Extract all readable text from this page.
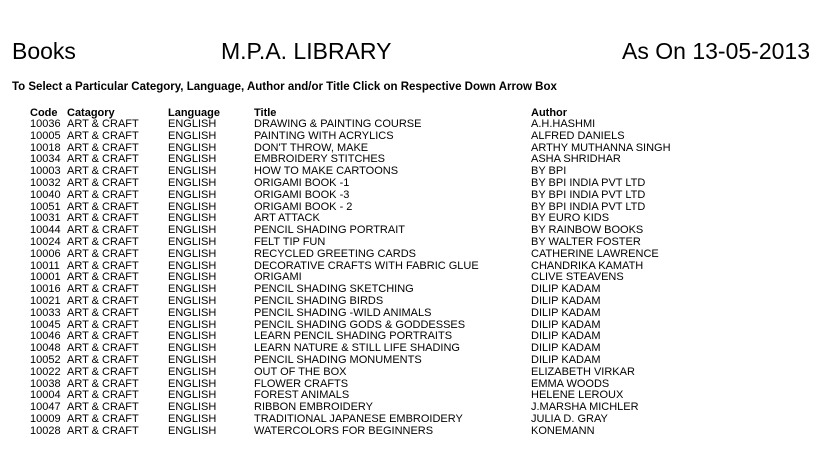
Books	M.P.A. LIBRARY	As On 13-05-2013
To Select a Particular Category, Language, Author and/or Title Click on Respective Down Arrow Box
Code	Catagory	Language	Title	Author
10036	ART & CRAFT	ENGLISH	DRAWING & PAINTING COURSE	A.H.HASHMI
10005	ART & CRAFT	ENGLISH	PAINTING WITH ACRYLICS	ALFRED DANIELS
10018	ART & CRAFT	ENGLISH	DON'T THROW, MAKE	ARTHY MUTHANNA SINGH
10034	ART & CRAFT	ENGLISH	EMBROIDERY STITCHES	ASHA SHRIDHAR
10003	ART & CRAFT	ENGLISH	HOW TO MAKE CARTOONS	BY BPI
10032	ART & CRAFT	ENGLISH	ORIGAMI BOOK -1	BY BPI INDIA PVT LTD
10040	ART & CRAFT	ENGLISH	ORIGAMI BOOK -3	BY BPI INDIA PVT LTD
10051	ART & CRAFT	ENGLISH	ORIGAMI BOOK - 2	BY BPI INDIA PVT LTD
10031	ART & CRAFT	ENGLISH	ART ATTACK	BY EURO KIDS
10044	ART & CRAFT	ENGLISH	PENCIL SHADING PORTRAIT	BY RAINBOW BOOKS
10024	ART & CRAFT	ENGLISH	FELT TIP FUN	BY WALTER FOSTER
10006	ART & CRAFT	ENGLISH	RECYCLED GREETING CARDS	CATHERINE LAWRENCE
10011	ART & CRAFT	ENGLISH	DECORATIVE CRAFTS WITH FABRIC GLUE	CHANDRIKA KAMATH
10001	ART & CRAFT	ENGLISH	ORIGAMI	CLIVE STEAVENS
10016	ART & CRAFT	ENGLISH	PENCIL SHADING SKETCHING	DILIP KADAM
10021	ART & CRAFT	ENGLISH	PENCIL SHADING BIRDS	DILIP KADAM
10033	ART & CRAFT	ENGLISH	PENCIL SHADING -WILD ANIMALS	DILIP KADAM
10045	ART & CRAFT	ENGLISH	PENCIL SHADING GODS & GODDESSES	DILIP KADAM
10046	ART & CRAFT	ENGLISH	LEARN PENCIL SHADING PORTRAITS	DILIP KADAM
10048	ART & CRAFT	ENGLISH	LEARN NATURE & STILL LIFE SHADING	DILIP KADAM
10052	ART & CRAFT	ENGLISH	PENCIL SHADING MONUMENTS	DILIP KADAM
10022	ART & CRAFT	ENGLISH	OUT OF THE BOX	ELIZABETH VIRKAR
10038	ART & CRAFT	ENGLISH	FLOWER CRAFTS	EMMA WOODS
10004	ART & CRAFT	ENGLISH	FOREST ANIMALS	HELENE LEROUX
10047	ART & CRAFT	ENGLISH	RIBBON EMBROIDERY	J.MARSHA MICHLER
10009	ART & CRAFT	ENGLISH	TRADITIONAL JAPANESE EMBROIDERY	JULIA D. GRAY
10028	ART & CRAFT	ENGLISH	WATERCOLORS FOR BEGINNERS	KONEMANN
